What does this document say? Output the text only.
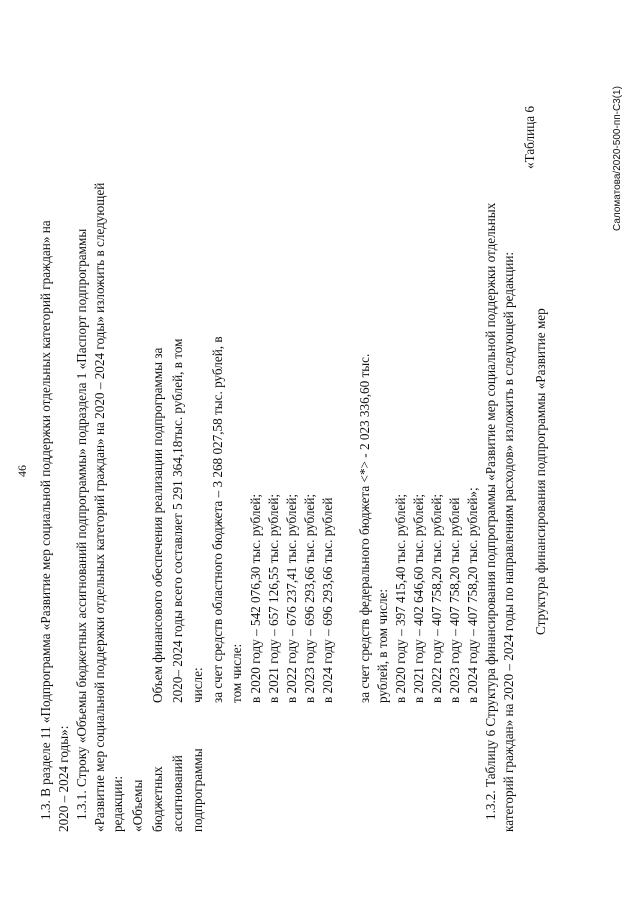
46 1.3. В разделе 11 «Подпрограмма «Развитие мер социальной поддержки отдельных категорий граждан» на 2020 – 2024 годы»: 1.3.1. Строку «Объемы бюджетных ассигнований подпрограммы» подраздела 1 «Паспорт подпрограммы «Развитие мер социальной поддержки отдельных категорий граждан» на 2020 – 2024 годы» изложить в следующей редакции: «Объемы бюджетных ассигнований подпрограммы
Объем финансового обеспечения реализации подпрограммы за 2020– 2024 годы всего составляет 5 291 364,18тыс. рублей, в том числе: за счет средств областного бюджета – 3 268 027,58 тыс. рублей, в том числе: в 2020 году – 542 076,30 тыс. рублей; в 2021 году – 657 126,55 тыс. рублей; в 2022 году – 676 237,41 тыс. рублей; в 2023 году – 696 293,66 тыс. рублей; в 2024 году – 696 293,66 тыс. рублей за счет средств федерального бюджета <*> - 2 023 336,60 тыс. рублей, в том числе: в 2020 году – 397 415,40 тыс. рублей; в 2021 году – 402 646,60 тыс. рублей; в 2022 году – 407 758,20 тыс. рублей; в 2023 году – 407 758,20 тыс. рублей в 2024 году – 407 758,20 тыс. рублей»; 1.3.2. Таблицу 6 Структура финансирования подпрограммы «Развитие мер социальной поддержки отдельных категорий граждан» на 2020 – 2024 годы по направлениям расходов» изложить в следующей редакции:
«Таблица 6
Структура финансирования подпрограммы «Развитие мер
Саломатова/2020-500-пп-С3(1)
